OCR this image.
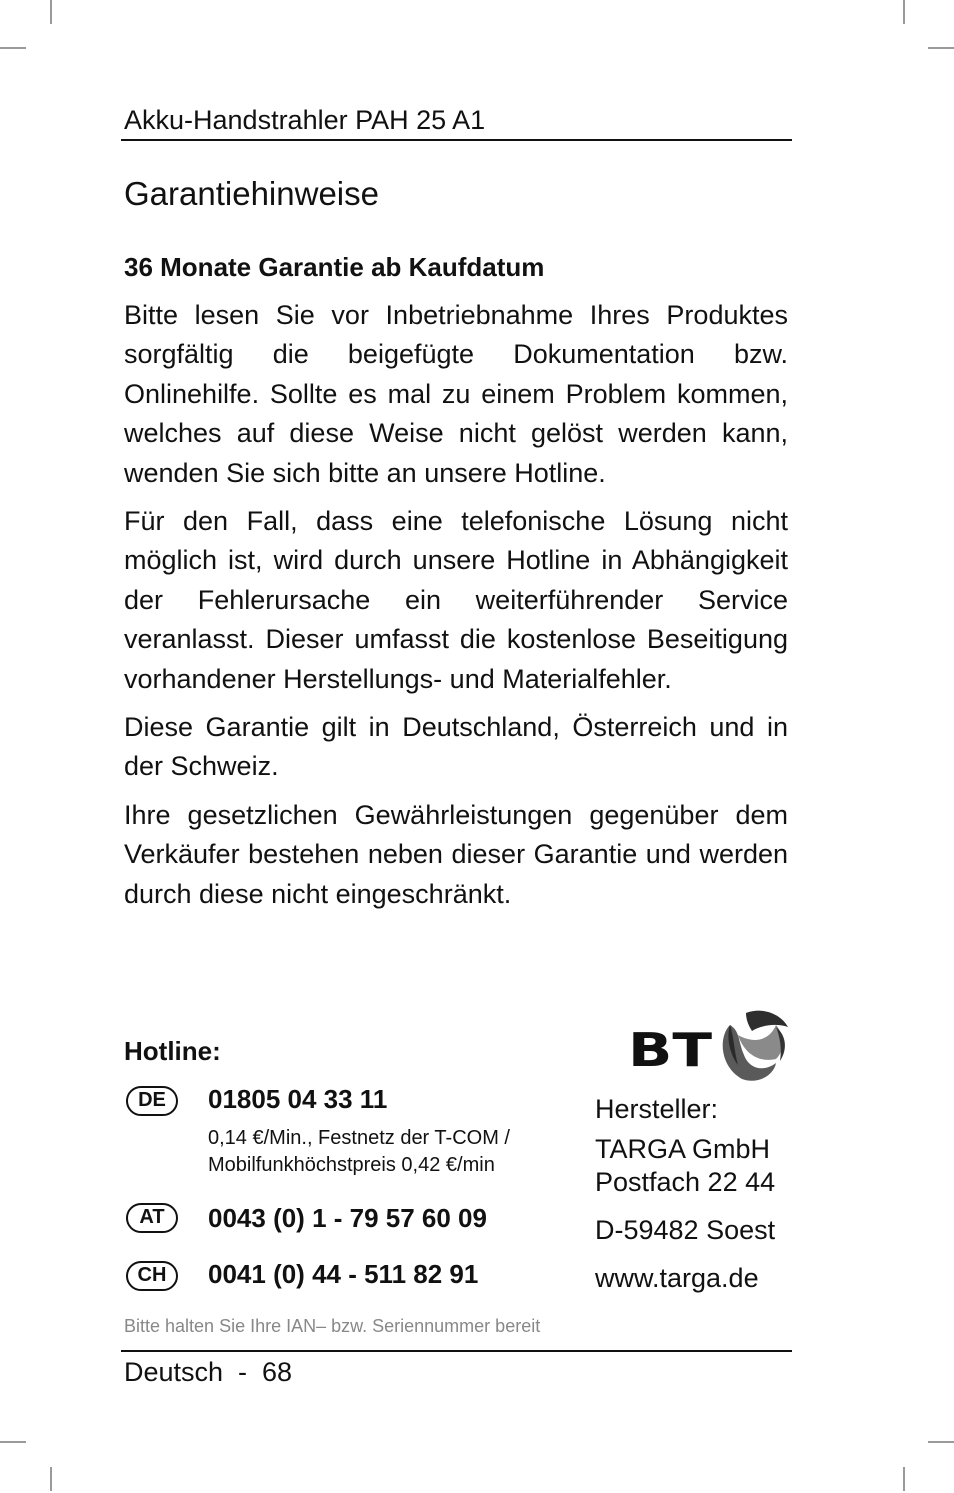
Akku-Handstrahler PAH 25 A1
Garantiehinweise
36 Monate Garantie ab Kaufdatum

Bitte lesen Sie vor Inbetriebnahme Ihres Produktes sorgfältig die beigefügte Dokumentation bzw. Onlinehilfe. Sollte es mal zu einem Problem kommen, welches auf diese Weise nicht gelöst werden kann, wenden Sie sich bitte an unsere Hotline.

Für den Fall, dass eine telefonische Lösung nicht möglich ist, wird durch unsere Hotline in Abhängigkeit der Fehlerursache ein weiterführender Service veranlasst. Dieser umfasst die kostenlose Beseitigung vorhandener Herstellungs- und Materialfehler.

Diese Garantie gilt in Deutschland, Österreich und in der Schweiz.

Ihre gesetzlichen Gewährleistungen gegenüber dem Verkäufer bestehen neben dieser Garantie und werden durch diese nicht eingeschränkt.

Hotline:
DE	01805 04 33 11
0,14 €/Min., Festnetz der T-COM /
Mobilfunkhöchstpreis 0,42 €/min
AT	0043 (0) 1 - 79 57 60 09
CH	0041 (0) 44 - 511 82 91
BT
Hersteller:
TARGA GmbH
Postfach 22 44
D-59482 Soest
www.targa.de
Bitte halten Sie Ihre IAN– bzw. Seriennummer bereit
Deutsch  -  68
